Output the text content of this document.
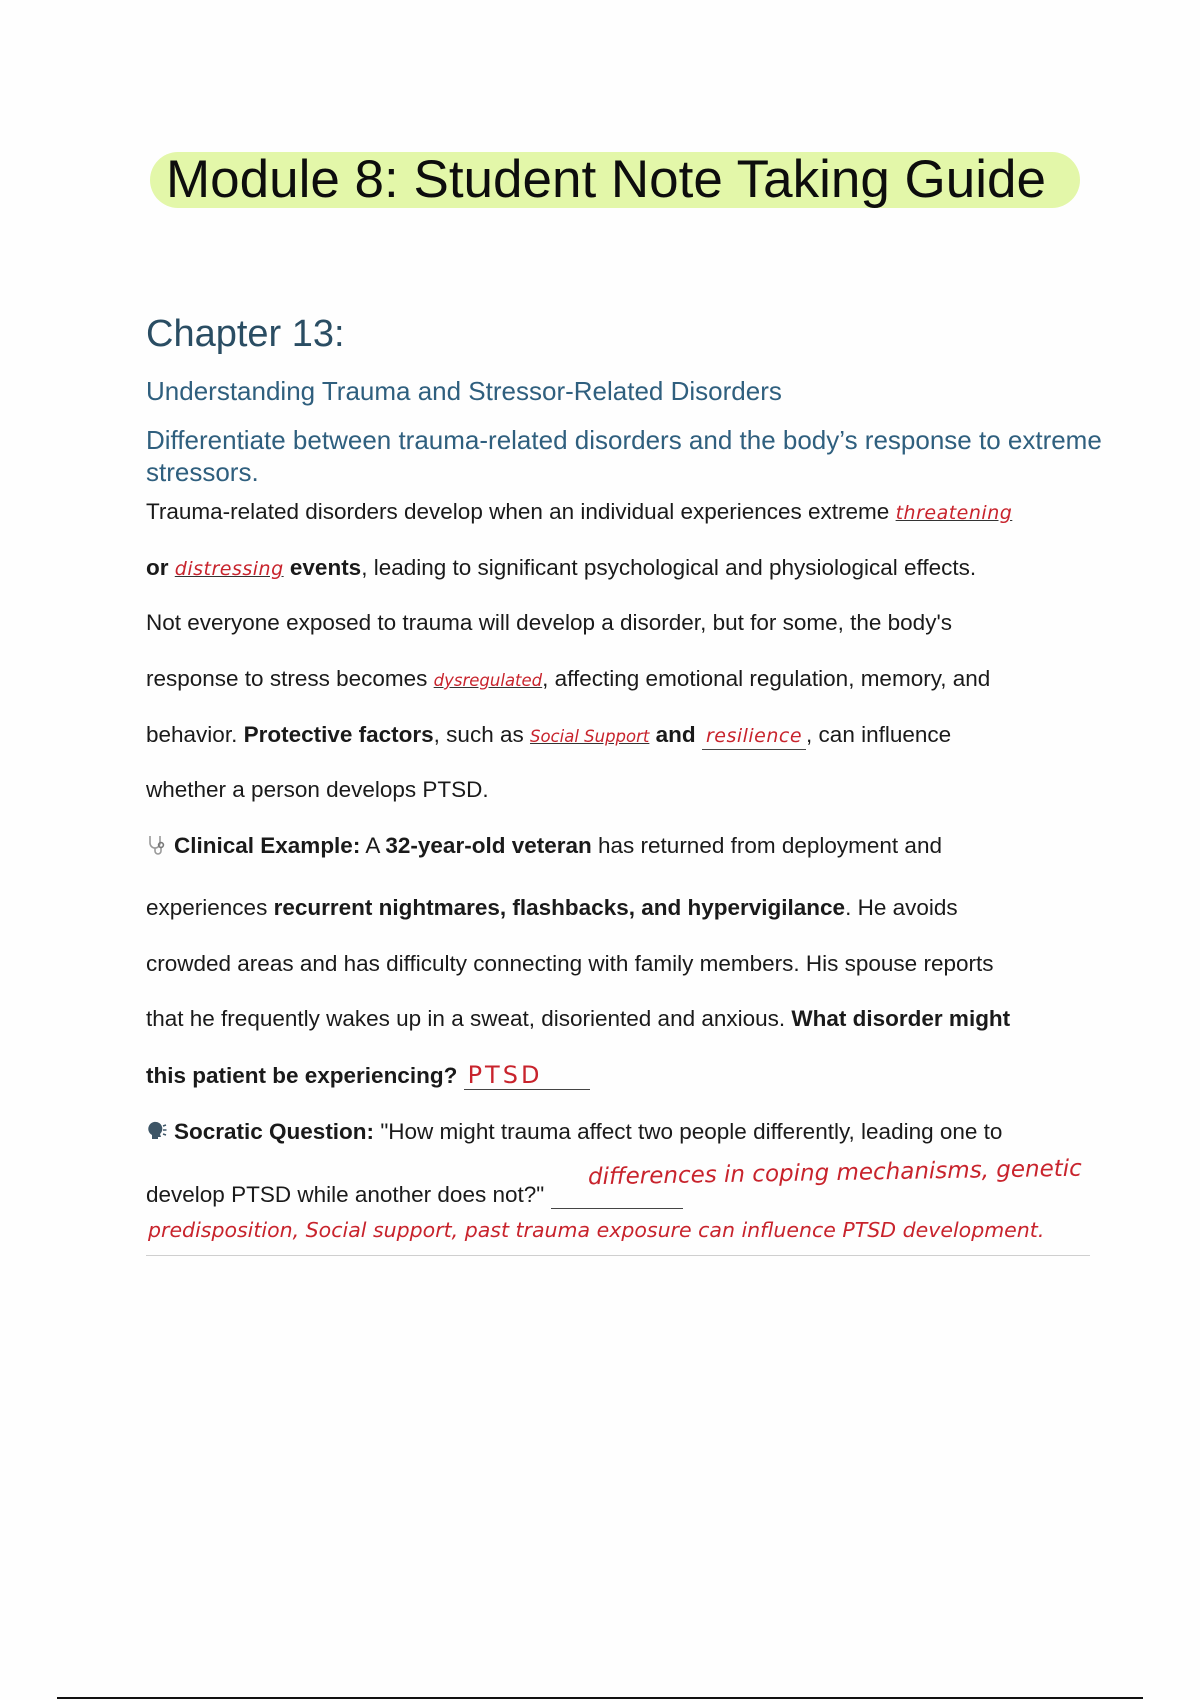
Module 8: Student Note Taking Guide
Chapter 13:
Understanding Trauma and Stressor-Related Disorders
Differentiate between trauma-related disorders and the body’s response to extreme stressors.
Trauma-related disorders develop when an individual experiences extreme threatening
or distressing events, leading to significant psychological and physiological effects.
Not everyone exposed to trauma will develop a disorder, but for some, the body's
response to stress becomes dysregulated, affecting emotional regulation, memory, and
behavior. Protective factors, such as Social Support and resilience , can influence
whether a person develops PTSD.
Clinical Example: A 32-year-old veteran has returned from deployment and
experiences recurrent nightmares, flashbacks, and hypervigilance. He avoids
crowded areas and has difficulty connecting with family members. His spouse reports
that he frequently wakes up in a sweat, disoriented and anxious. What disorder might
this patient be experiencing? PTSD
Socratic Question: "How might trauma affect two people differently, leading one to
develop PTSD while another does not?"
differences in coping mechanisms, genetic
predisposition, Social support, past trauma exposure can influence PTSD development.
